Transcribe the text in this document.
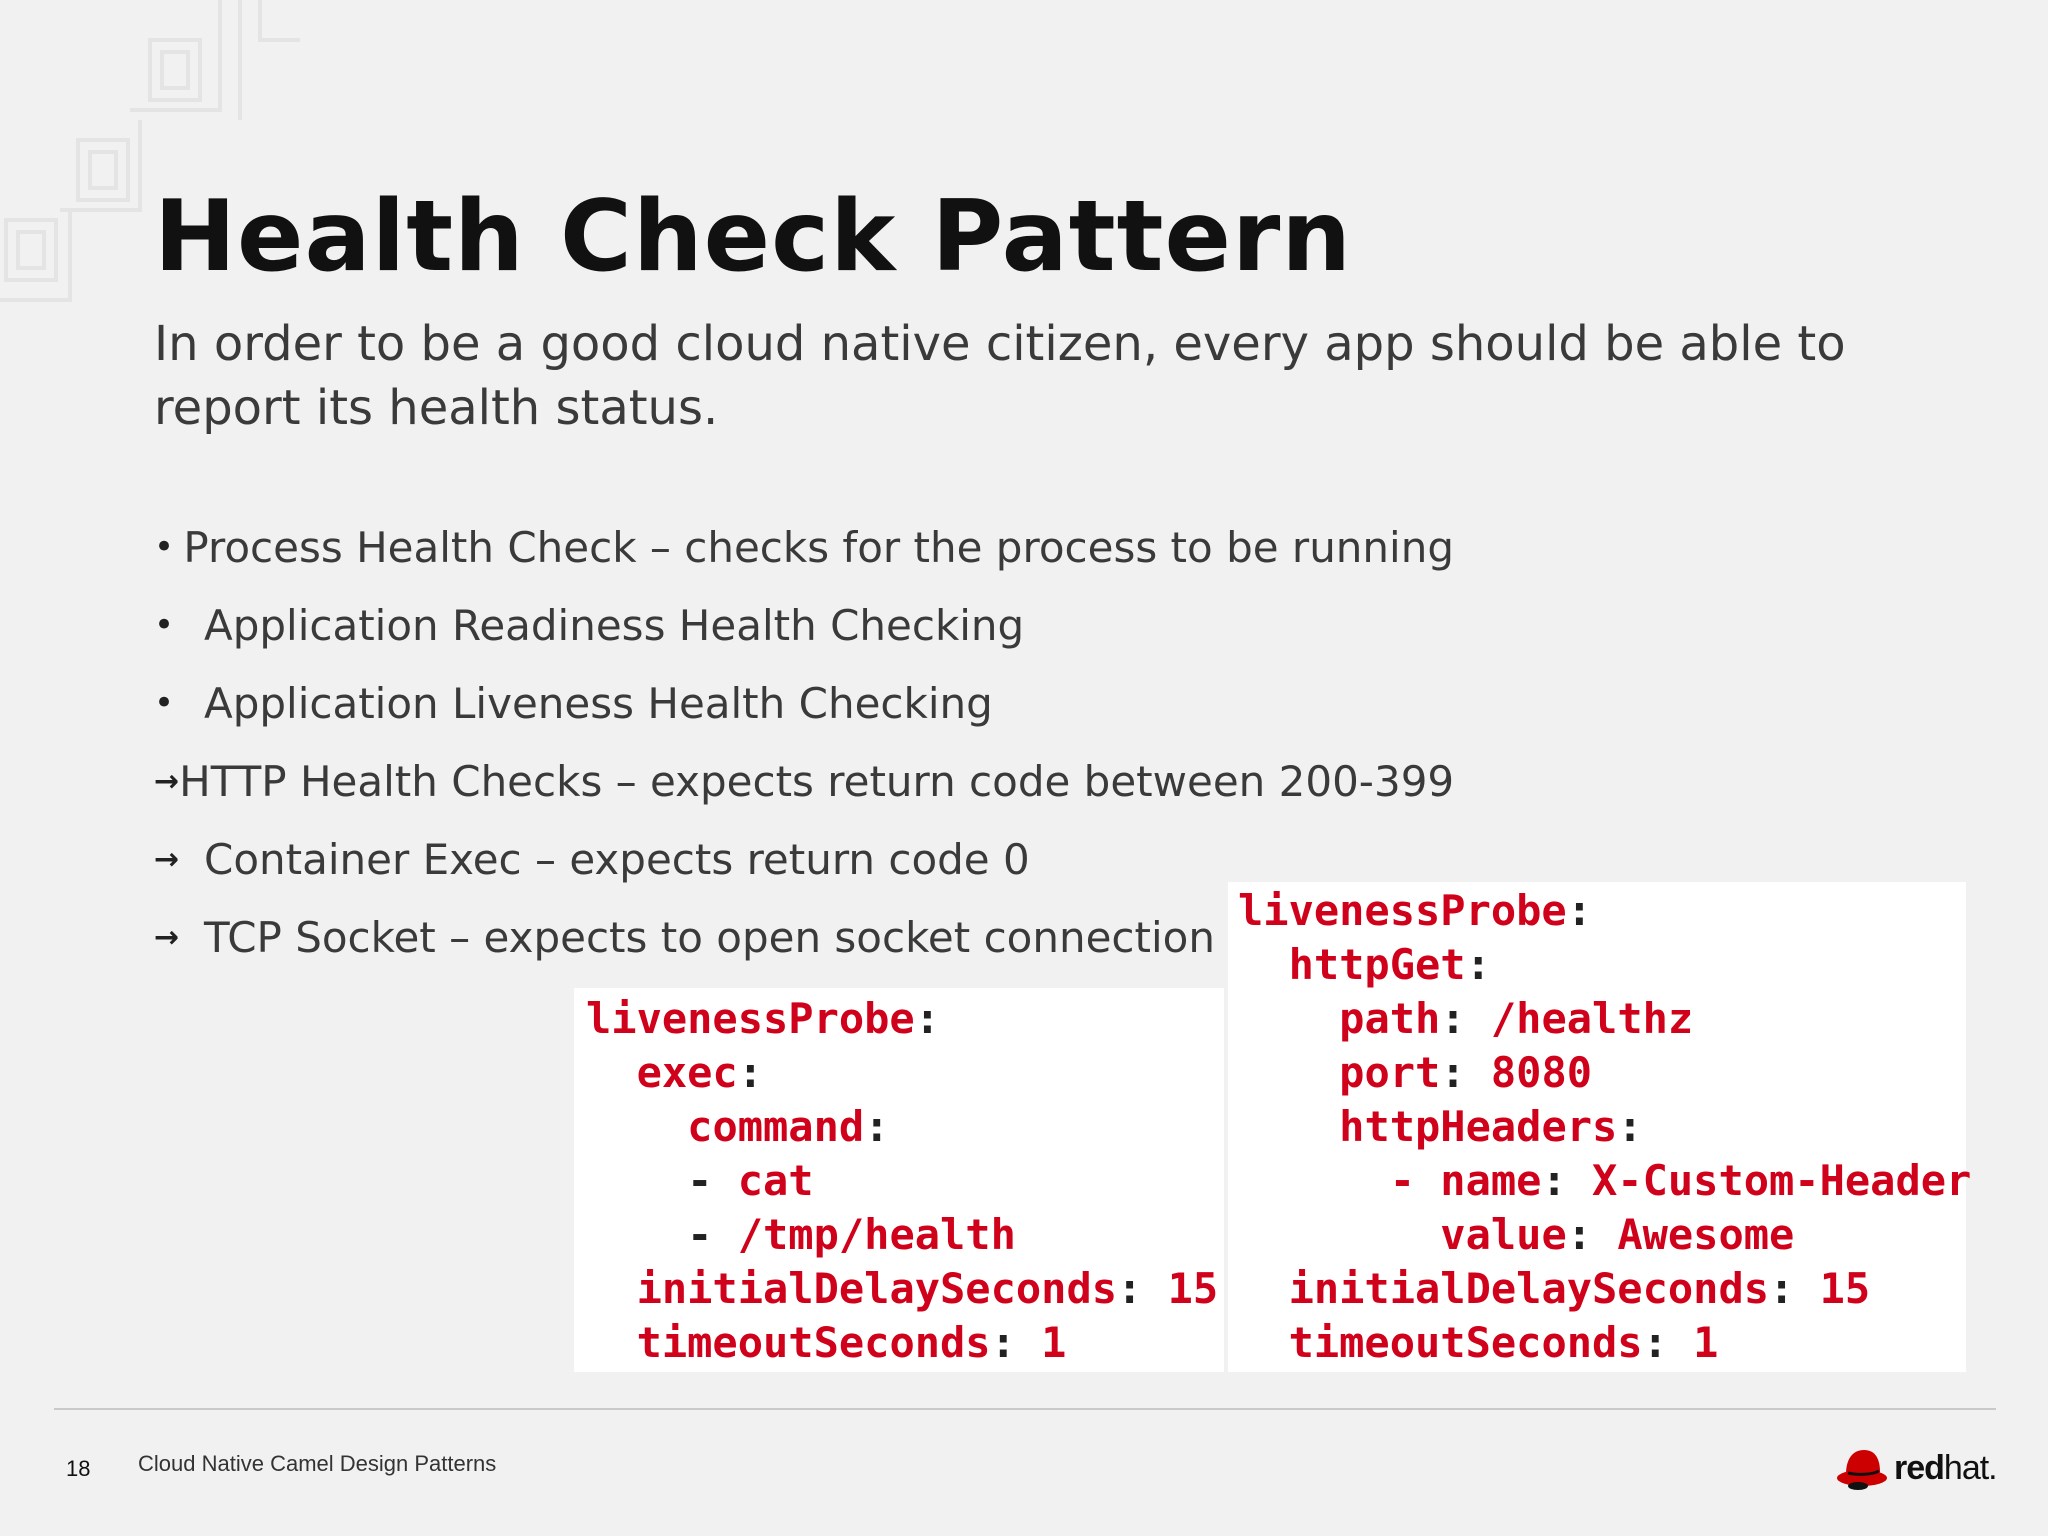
Health Check Pattern
In order to be a good cloud native citizen, every app should be able to report its health status.
• Process Health Check – checks for the process to be running
• Application Readiness Health Checking
• Application Liveness Health Checking
→ HTTP Health Checks – expects return code between 200-399
→ Container Exec – expects return code 0
→ TCP Socket – expects to open socket connection
livenessProbe:
exec:
command:
- cat
- /tmp/health
initialDelaySeconds: 15
timeoutSeconds: 1
livenessProbe:
httpGet:
path: /healthz
port: 8080
httpHeaders:
- name: X-Custom-Header
value: Awesome
initialDelaySeconds: 15
timeoutSeconds: 1
18 Cloud Native Camel Design Patterns	redhat.
